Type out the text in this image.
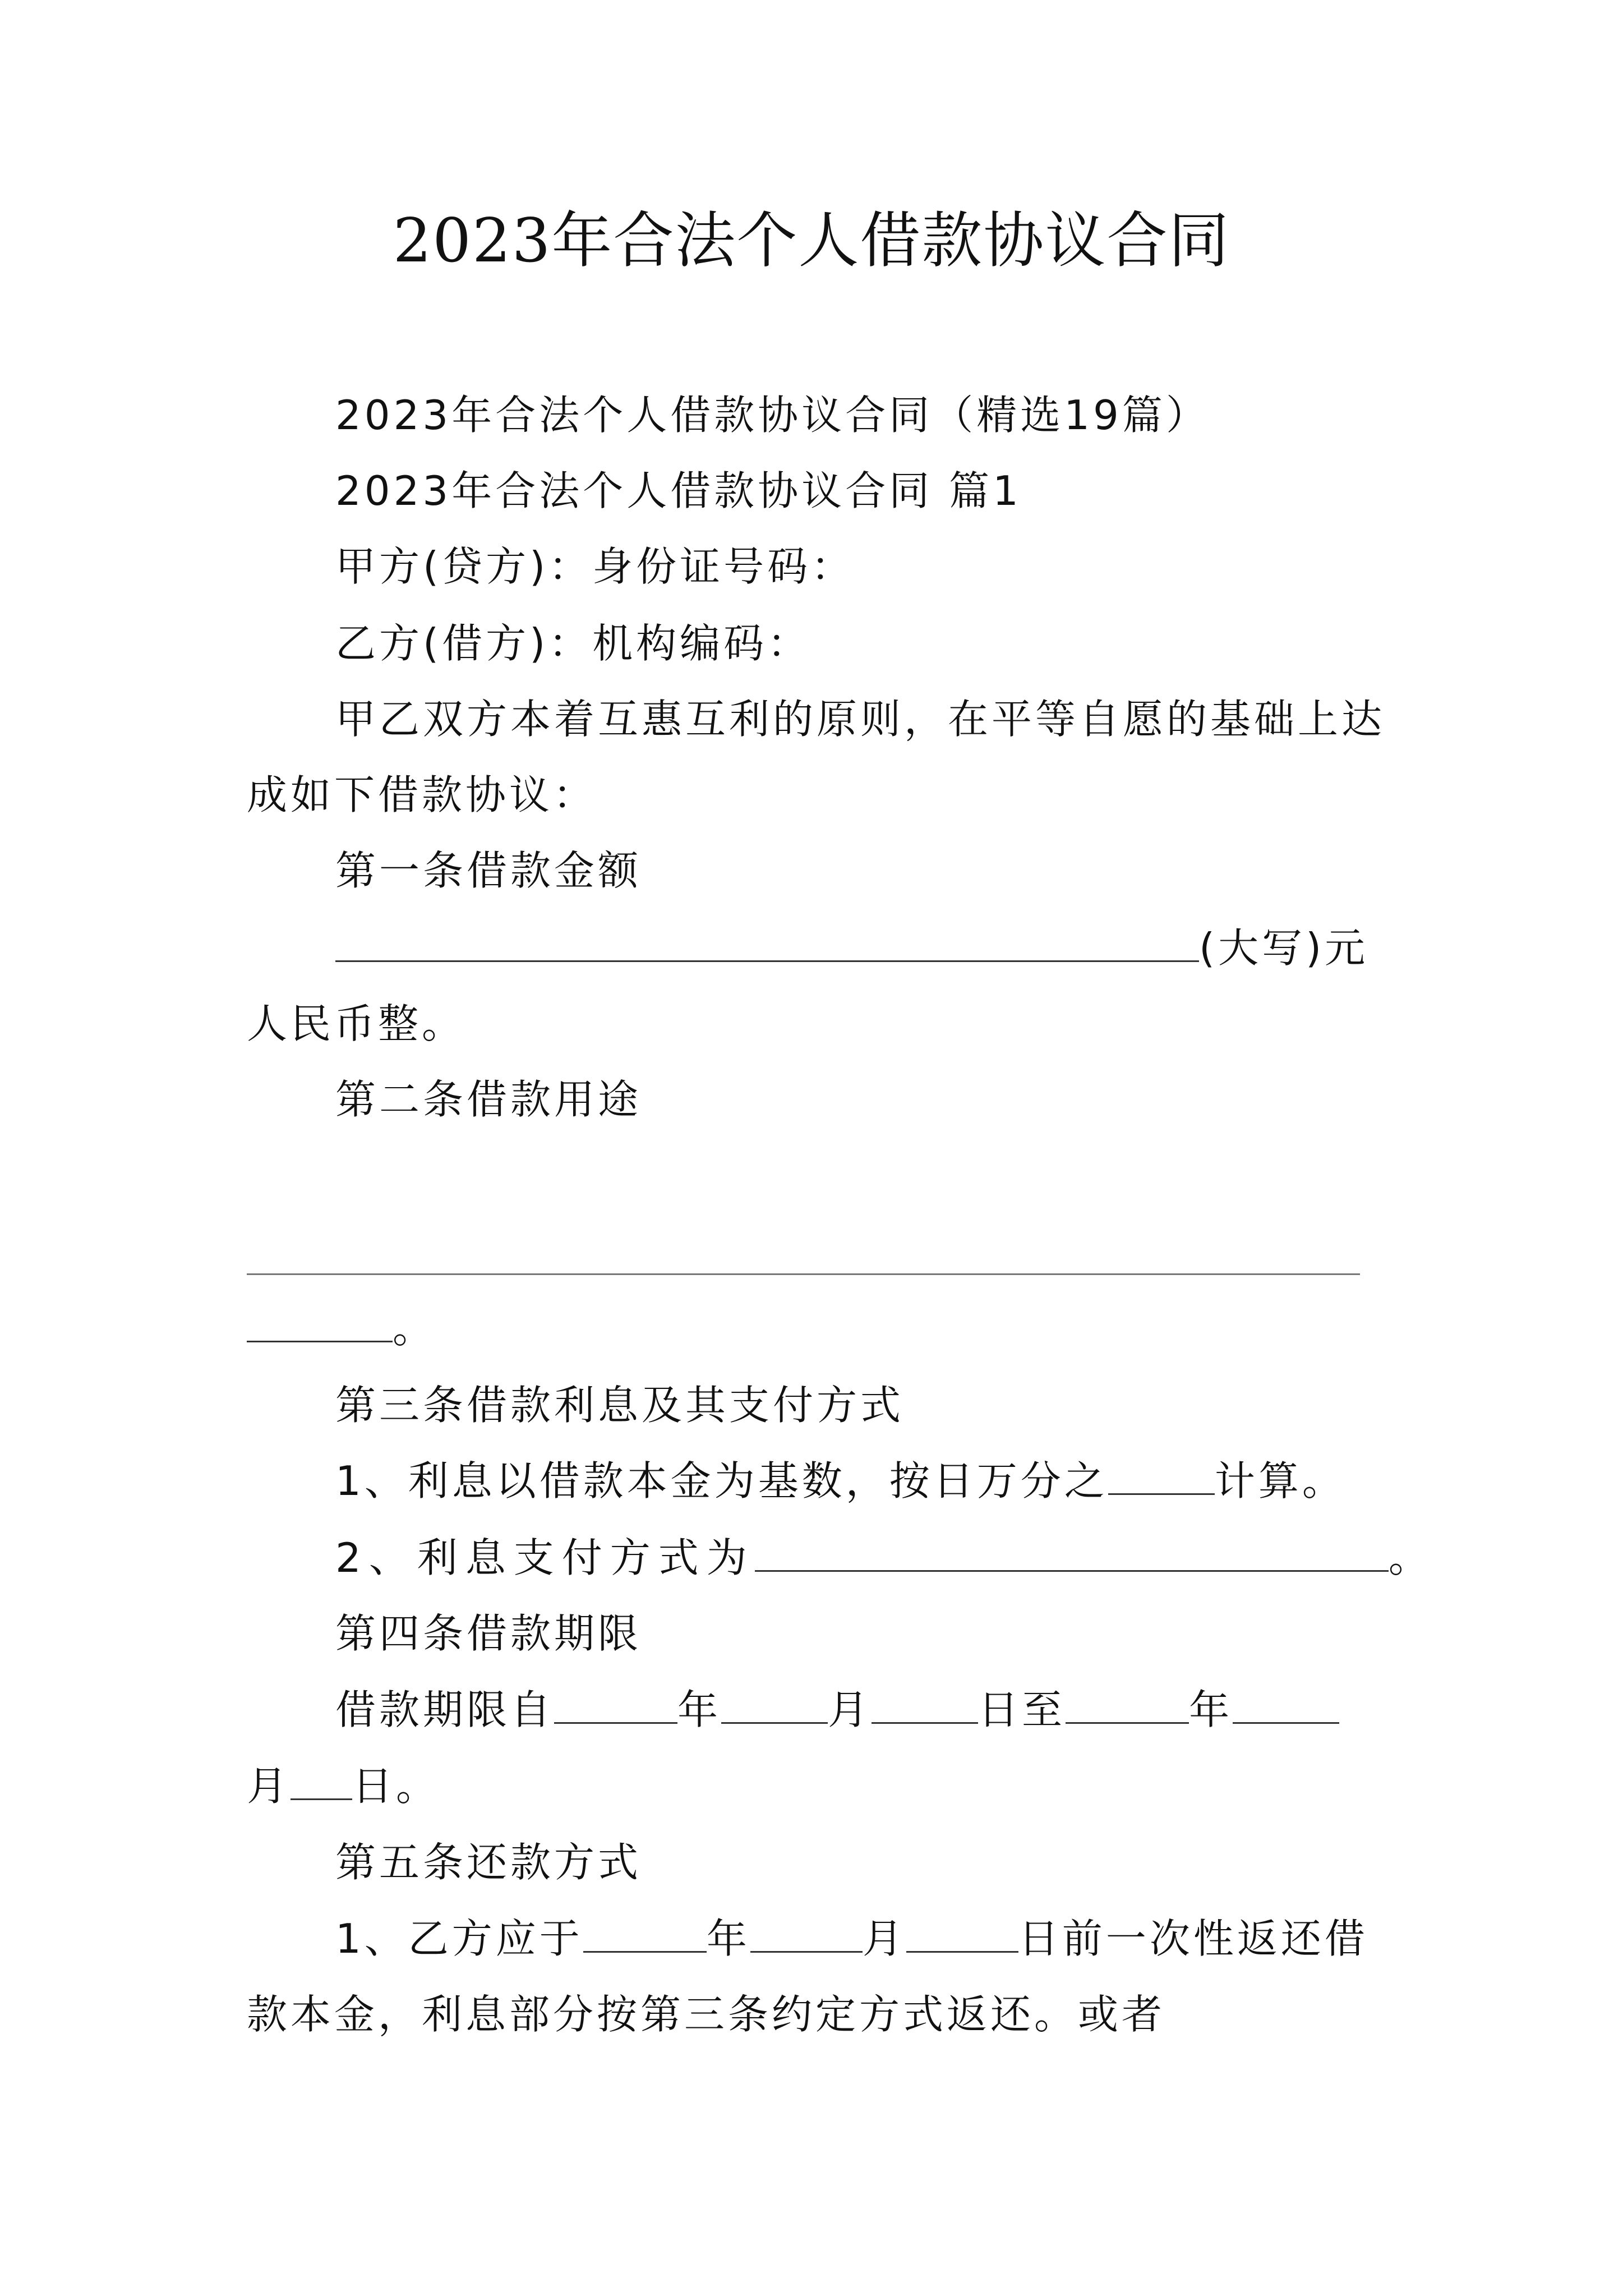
2023年合法个人借款协议合同
2023年合法个人借款协议合同（精选19篇）
2023年合法个人借款协议合同 篇1
甲方(贷方)：身份证号码：
乙方(借方)：机构编码：
甲乙双方本着互惠互利的原则，在平等自愿的基础上达
成如下借款协议：
第一条借款金额
(大写)元
人民币整。
第二条借款用途
。
第三条借款利息及其支付方式
1、利息以借款本金为基数，按日万分之	计算。
2、利息支付方式为	。
第四条借款期限
借款期限自	年	月	日至	年
月 日。
第五条还款方式
1、乙方应于	年	月	日前一次性返还借
款本金，利息部分按第三条约定方式返还。或者
